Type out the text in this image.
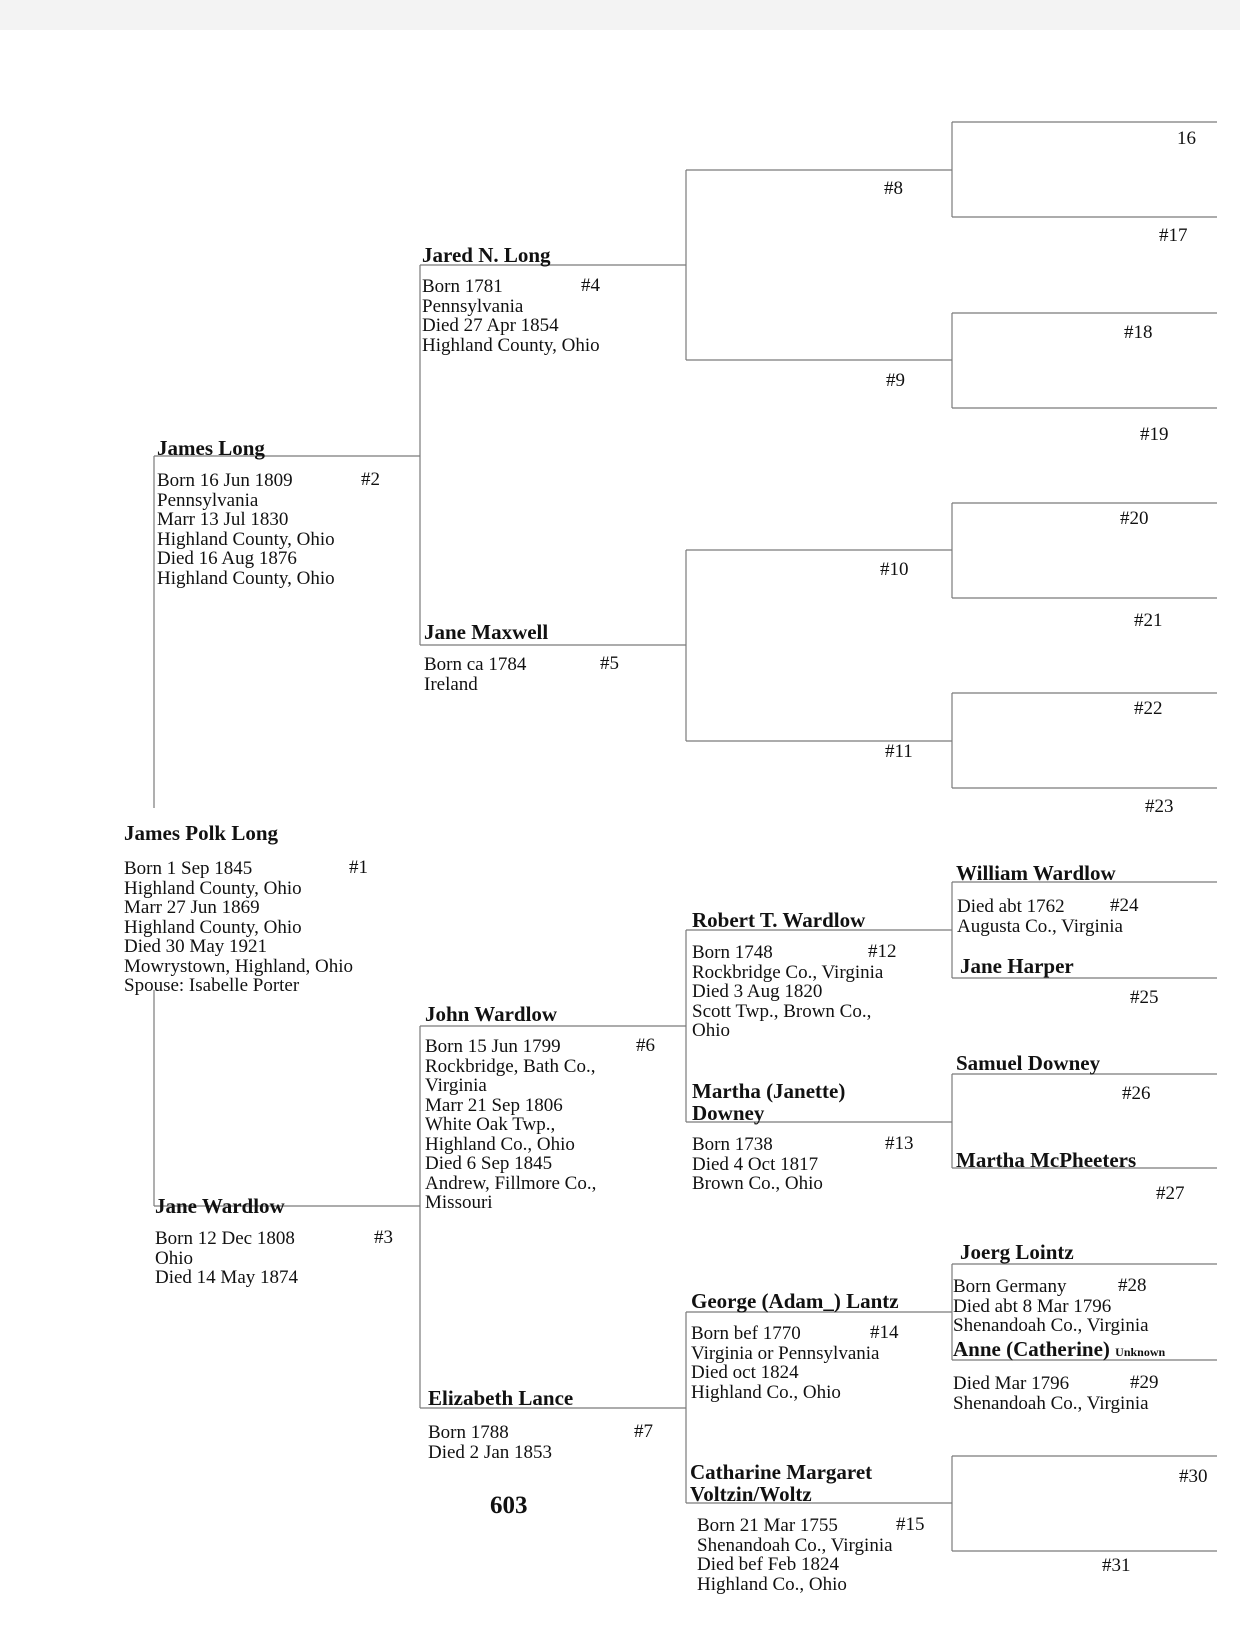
James Polk Long
#1
Born 1 Sep 1845
Highland County, Ohio
Marr 27 Jun 1869
Highland County, Ohio
Died 30 May 1921
Mowrystown, Highland, Ohio
Spouse: Isabelle Porter
James Long
#2
Born 16 Jun 1809
Pennsylvania
Marr 13 Jul 1830
Highland County, Ohio
Died 16 Aug 1876
Highland County, Ohio
Jane Wardlow
#3
Born 12 Dec 1808
Ohio
Died 14 May 1874
Jared N. Long
#4
Born 1781
Pennsylvania
Died 27 Apr 1854
Highland County, Ohio
Jane Maxwell
#5
Born ca 1784
Ireland
John Wardlow
#6
Born 15 Jun 1799
Rockbridge, Bath Co.,
Virginia
Marr 21 Sep 1806
White Oak Twp.,
Highland Co., Ohio
Died 6 Sep 1845
Andrew, Fillmore Co.,
Missouri
Elizabeth Lance
#7
Born 1788
Died 2 Jan 1853
#8
#9
#10
#11
Robert T. Wardlow
#12
Born 1748
Rockbridge Co., Virginia
Died 3 Aug 1820
Scott Twp., Brown Co.,
Ohio
Martha (Janette)
Downey
#13
Born 1738
Died 4 Oct 1817
Brown Co., Ohio
George (Adam_) Lantz
#14
Born bef 1770
Virginia or Pennsylvania
Died oct 1824
Highland Co., Ohio
Catharine Margaret
Voltzin/Woltz
#15
Born 21 Mar 1755
Shenandoah Co., Virginia
Died bef Feb 1824
Highland Co., Ohio
16
#17
#18
#19
#20
#21
#22
#23
#30
#31
William Wardlow
#24
Died abt 1762
Augusta Co., Virginia
Jane Harper
#25
Samuel Downey
#26
Martha McPheeters
#27
Joerg Lointz
#28
Born Germany
Died abt 8 Mar 1796
Shenandoah Co., Virginia
Anne (Catherine) Unknown
#29
Died Mar 1796
Shenandoah Co., Virginia
603
